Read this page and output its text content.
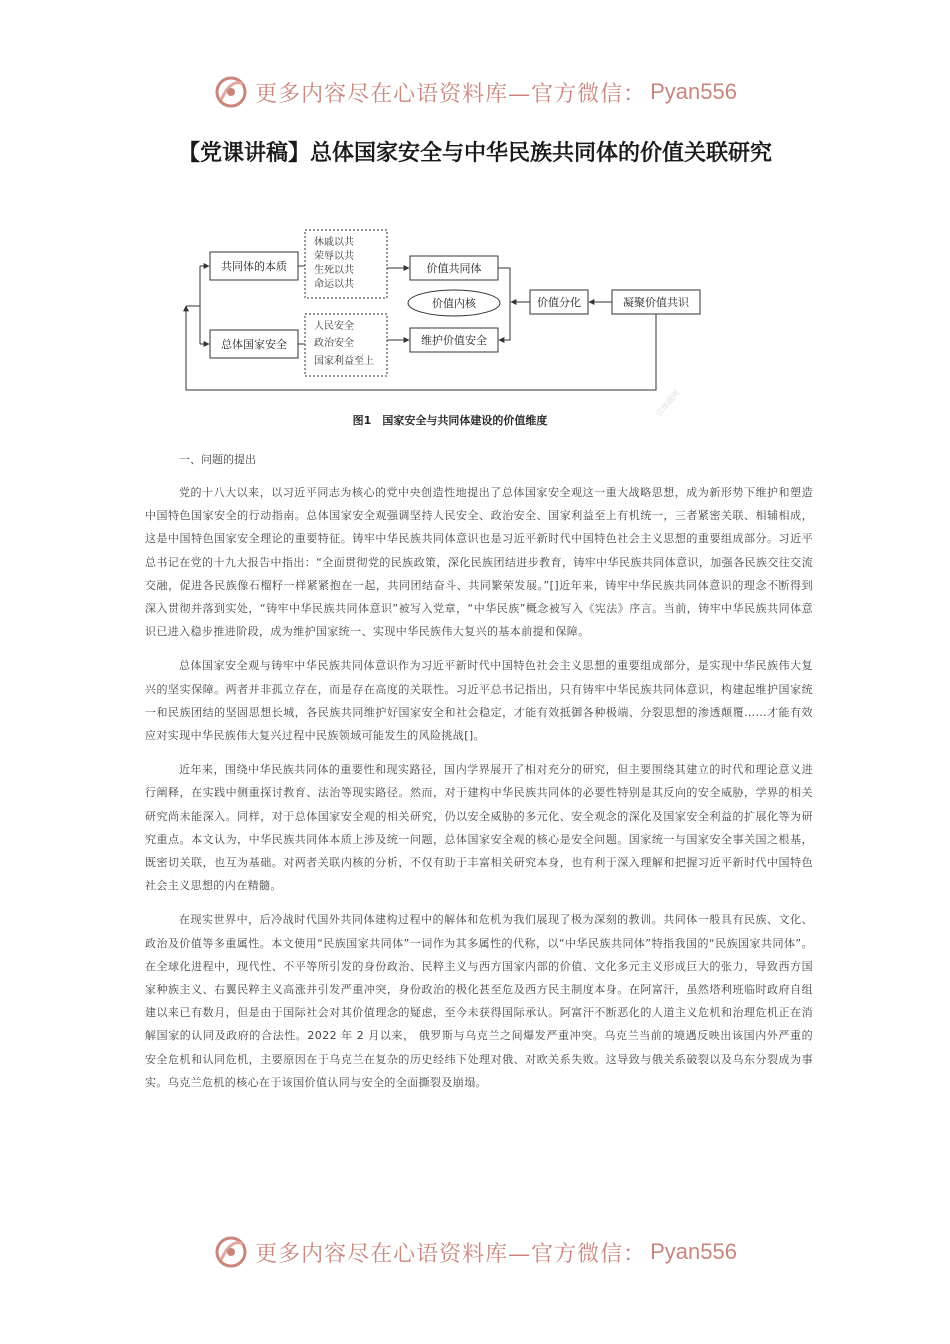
更多内容尽在心语资料库—官方微信： Pyan556
【党课讲稿】总体国家安全与中华民族共同体的价值关联研究
共同体的本质
总体国家安全
价值共同体
维护价值安全
价值内核	价值分化	凝聚价值共识
休戚以共
荣辱以共
生死以共
命运以共
人民安全
政治安全
国家利益至上
京课题网
图1　国家安全与共同体建设的价值维度
一、问题的提出

党的十八大以来，以习近平同志为核心的党中央创造性地提出了总体国家安全观这一重大战略思想，成为新形势下维护和塑造中国特色国家安全的行动指南。总体国家安全观强调坚持人民安全、政治安全、国家利益至上有机统一，三者紧密关联、相辅相成，这是中国特色国家安全理论的重要特征。铸牢中华民族共同体意识也是习近平新时代中国特色社会主义思想的重要组成部分。习近平总书记在党的十九大报告中指出：“全面贯彻党的民族政策，深化民族团结进步教育，铸牢中华民族共同体意识，加强各民族交往交流交融，促进各民族像石榴籽一样紧紧抱在一起，共同团结奋斗、共同繁荣发展。”[]近年来，铸牢中华民族共同体意识的理念不断得到深入贯彻并落到实处，“铸牢中华民族共同体意识”被写入党章，“中华民族”概念被写入《宪法》序言。当前，铸牢中华民族共同体意识已进入稳步推进阶段，成为维护国家统一、实现中华民族伟大复兴的基本前提和保障。

总体国家安全观与铸牢中华民族共同体意识作为习近平新时代中国特色社会主义思想的重要组成部分，是实现中华民族伟大复兴的坚实保障。两者并非孤立存在，而是存在高度的关联性。习近平总书记指出，只有铸牢中华民族共同体意识，构建起维护国家统一和民族团结的坚固思想长城，各民族共同维护好国家安全和社会稳定，才能有效抵御各种极端、分裂思想的渗透颠覆……才能有效应对实现中华民族伟大复兴过程中民族领域可能发生的风险挑战[]。

近年来，围绕中华民族共同体的重要性和现实路径，国内学界展开了相对充分的研究，但主要围绕其建立的时代和理论意义进行阐释，在实践中侧重探讨教育、法治等现实路径。然而，对于建构中华民族共同体的必要性特别是其反向的安全威胁，学界的相关研究尚未能深入。同样，对于总体国家安全观的相关研究，仍以安全威胁的多元化、安全观念的深化及国家安全利益的扩展化等为研究重点。本文认为，中华民族共同体本质上涉及统一问题，总体国家安全观的核心是安全问题。国家统一与国家安全事关国之根基，既密切关联，也互为基础。对两者关联内核的分析，不仅有助于丰富相关研究本身，也有利于深入理解和把握习近平新时代中国特色社会主义思想的内在精髓。

在现实世界中，后冷战时代国外共同体建构过程中的解体和危机为我们展现了极为深刻的教训。共同体一般具有民族、文化、政治及价值等多重属性。本文使用“民族国家共同体”一词作为其多属性的代称，以“中华民族共同体”特指我国的“民族国家共同体”。在全球化进程中，现代性、不平等所引发的身份政治、民粹主义与西方国家内部的价值、文化多元主义形成巨大的张力，导致西方国家种族主义、右翼民粹主义高涨并引发严重冲突，身份政治的极化甚至危及西方民主制度本身。在阿富汗，虽然塔利班临时政府自组建以来已有数月，但是由于国际社会对其价值理念的疑虑，至今未获得国际承认。阿富汗不断恶化的人道主义危机和治理危机正在消解国家的认同及政府的合法性。2022 年 2 月以来， 俄罗斯与乌克兰之间爆发严重冲突。乌克兰当前的境遇反映出该国内外严重的安全危机和认同危机，主要原因在于乌克兰在复杂的历史经纬下处理对俄、对欧关系失败。这导致与俄关系破裂以及乌东分裂成为事实。乌克兰危机的核心在于该国价值认同与安全的全面撕裂及崩塌。

更多内容尽在心语资料库—官方微信： Pyan556
